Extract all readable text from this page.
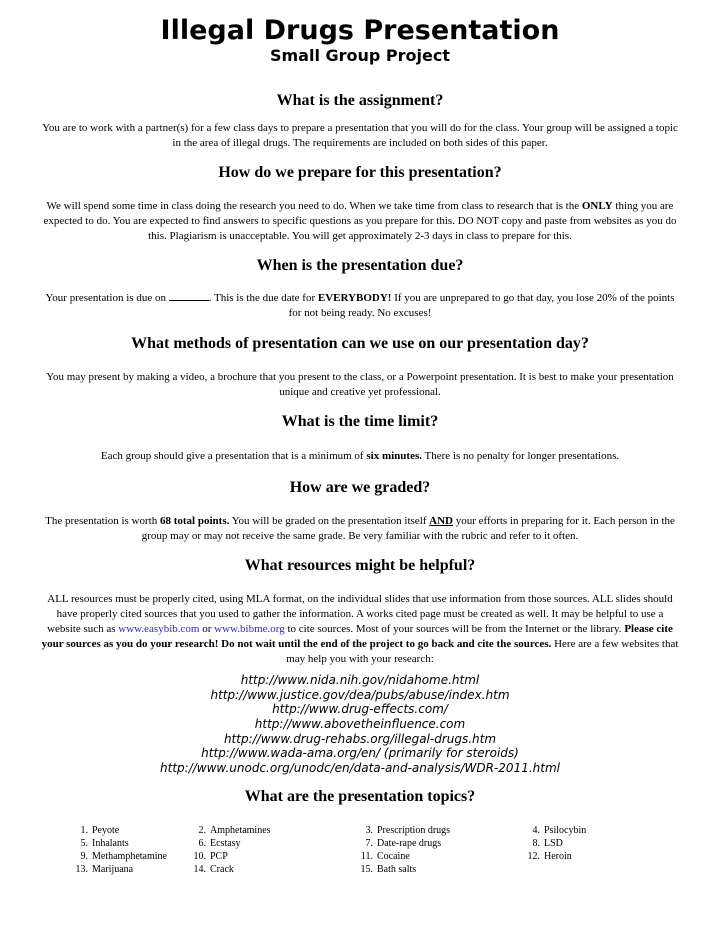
Illegal Drugs Presentation
Small Group Project
What is the assignment?

You are to work with a partner(s) for a few class days to prepare a presentation that you will do for the class. Your group will be assigned a topic in the area of illegal drugs. The requirements are included on both sides of this paper.

How do we prepare for this presentation?

We will spend some time in class doing the research you need to do. When we take time from class to research that is the ONLY thing you are expected to do. You are expected to find answers to specific questions as you prepare for this. DO NOT copy and paste from websites as you do this. Plagiarism is unacceptable. You will get approximately 2-3 days in class to prepare for this.

When is the presentation due?

Your presentation is due on	. This is the due date for EVERYBODY! If you are unprepared to go that day, you lose 20% of the points for not being ready. No excuses!

What methods of presentation can we use on our presentation day?

You may present by making a video, a brochure that you present to the class, or a Powerpoint presentation. It is best to make your presentation unique and creative yet professional.

What is the time limit?

Each group should give a presentation that is a minimum of six minutes. There is no penalty for longer presentations.

How are we graded?

The presentation is worth 68 total points. You will be graded on the presentation itself AND your efforts in preparing for it. Each person in the group may or may not receive the same grade. Be very familiar with the rubric and refer to it often.

What resources might be helpful?

ALL resources must be properly cited, using MLA format, on the individual slides that use information from those sources. ALL slides should have properly cited sources that you used to gather the information. A works cited page must be created as well. It may be helpful to use a website such as www.easybib.com or www.bibme.org to cite sources. Most of your sources will be from the Internet or the library. Please cite your sources as you do your research! Do not wait until the end of the project to go back and cite the sources. Here are a few websites that may help you with your research:

http://www.nida.nih.gov/nidahome.html
http://www.justice.gov/dea/pubs/abuse/index.htm
http://www.drug-effects.com/
http://www.abovetheinfluence.com
http://www.drug-rehabs.org/illegal-drugs.htm
http://www.wada-ama.org/en/ (primarily for steroids)
http://www.unodc.org/unodc/en/data-and-analysis/WDR-2011.html
What are the presentation topics?
1. Peyote	2. Amphetamines	3. Prescription drugs	4. Psilocybin
5. Inhalants	6. Ecstasy	7. Date-rape drugs	8. LSD
9. Methamphetamine	10. PCP	11. Cocaine	12. Heroin
13. Marijuana	14. Crack	15. Bath salts
